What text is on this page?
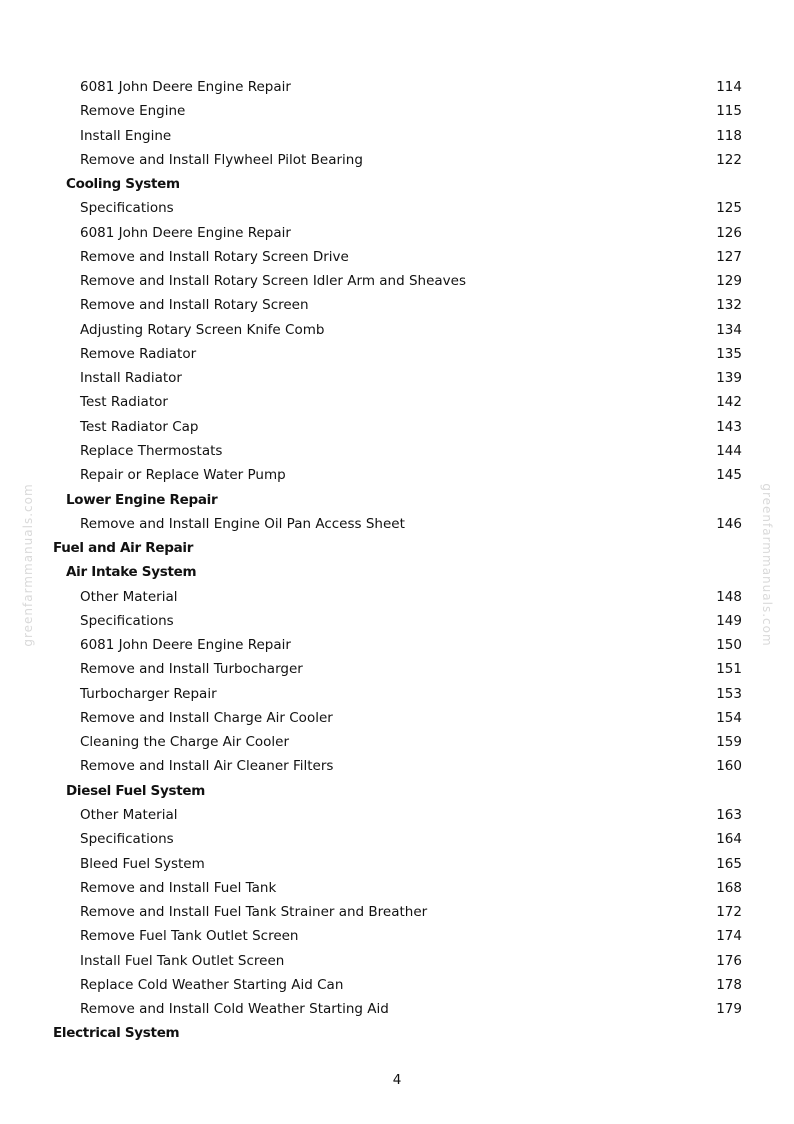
greenfarmmanuals.com	greenfarmmanuals.com
6081 John Deere Engine Repair	114
Remove Engine	115
Install Engine	118
Remove and Install Flywheel Pilot Bearing	122
Cooling System
Specifications	125
6081 John Deere Engine Repair	126
Remove and Install Rotary Screen Drive	127
Remove and Install Rotary Screen Idler Arm and Sheaves	129
Remove and Install Rotary Screen	132
Adjusting Rotary Screen Knife Comb	134
Remove Radiator	135
Install Radiator	139
Test Radiator	142
Test Radiator Cap	143
Replace Thermostats	144
Repair or Replace Water Pump	145
Lower Engine Repair
Remove and Install Engine Oil Pan Access Sheet	146
Fuel and Air Repair
Air Intake System
Other Material	148
Specifications	149
6081 John Deere Engine Repair	150
Remove and Install Turbocharger	151
Turbocharger Repair	153
Remove and Install Charge Air Cooler	154
Cleaning the Charge Air Cooler	159
Remove and Install Air Cleaner Filters	160
Diesel Fuel System
Other Material	163
Specifications	164
Bleed Fuel System	165
Remove and Install Fuel Tank	168
Remove and Install Fuel Tank Strainer and Breather	172
Remove Fuel Tank Outlet Screen	174
Install Fuel Tank Outlet Screen	176
Replace Cold Weather Starting Aid Can	178
Remove and Install Cold Weather Starting Aid	179
Electrical System
4
